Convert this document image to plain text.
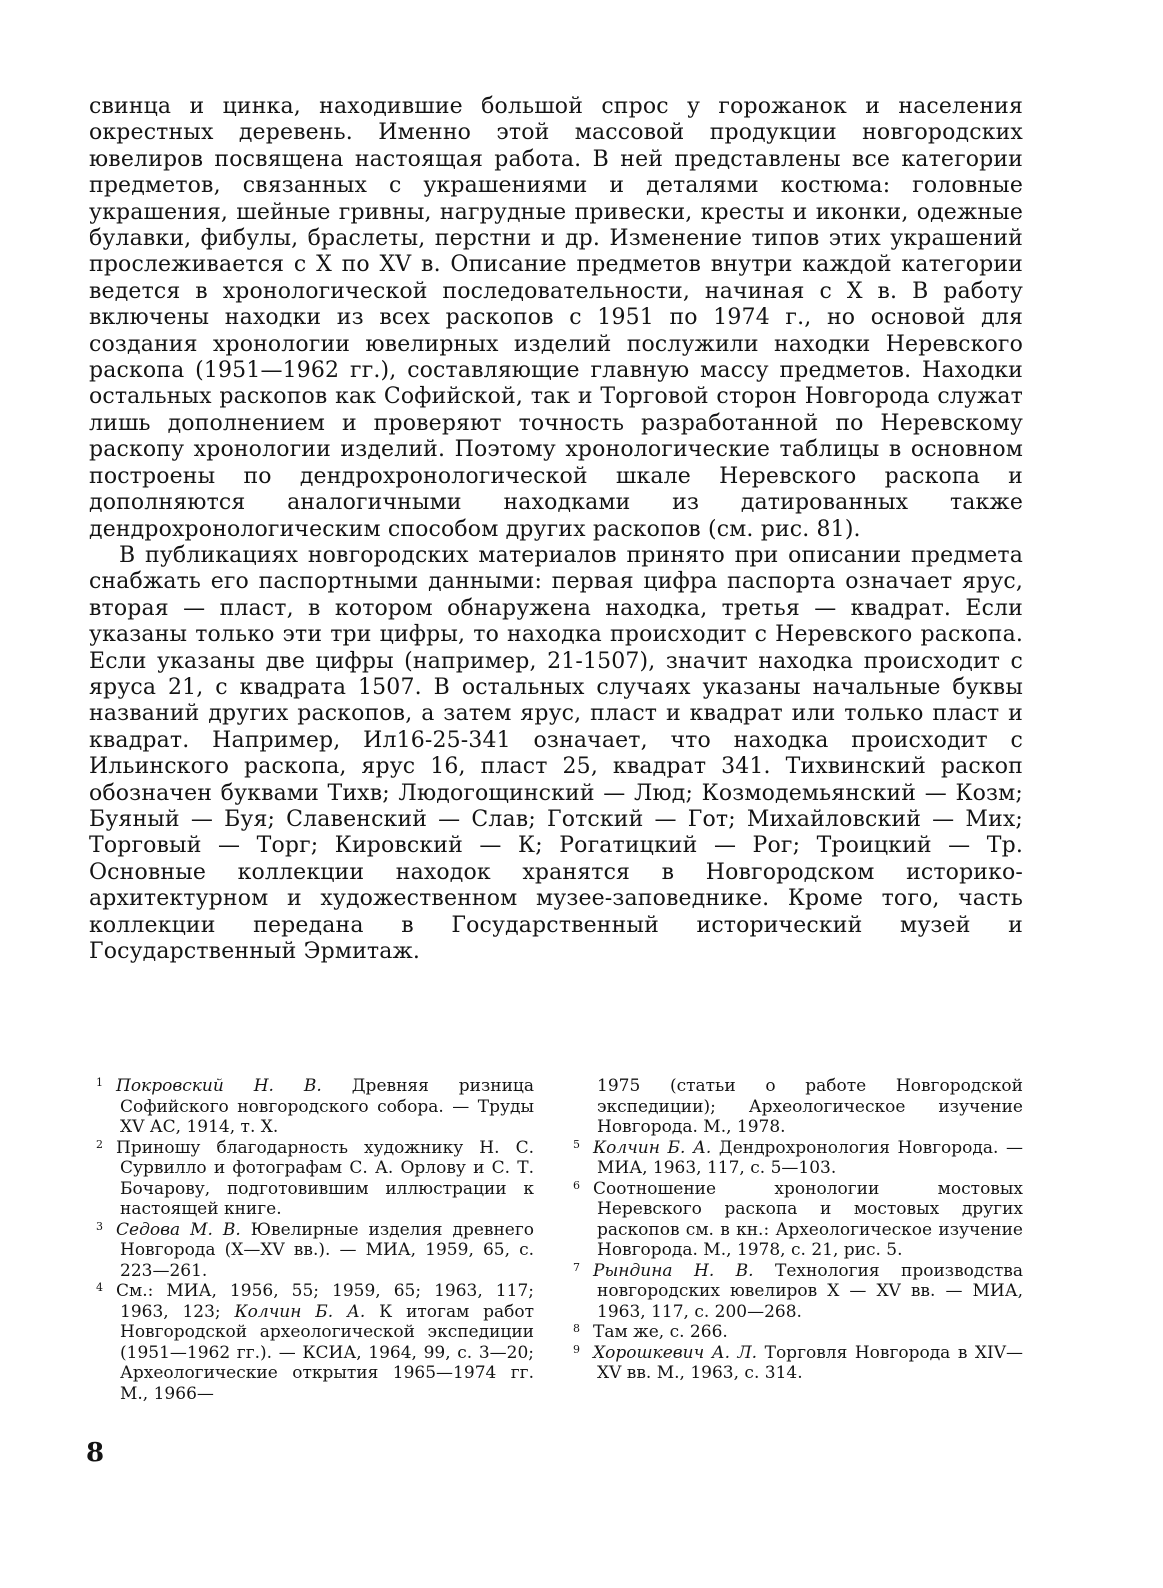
свинца и цинка, находившие большой спрос у горожанок и населения окрестных деревень. Именно этой массовой продукции новгородских ювелиров посвящена настоящая работа. В ней представлены все категории предметов, связанных с украшениями и деталями костюма: головные украшения, шейные гривны, нагрудные привески, кресты и иконки, одежные булавки, фибулы, браслеты, перстни и др. Изменение типов этих украшений прослеживается с X по XV в. Описание предметов внутри каждой категории ведется в хронологической последовательности, начиная с X в. В работу включены находки из всех раскопов с 1951 по 1974 г., но основой для создания хронологии ювелирных изделий послужили находки Неревского раскопа (1951—1962 гг.), составляющие главную массу предметов. Находки остальных раскопов как Софийской, так и Торговой сторон Новгорода служат лишь дополнением и проверяют точность разработанной по Неревскому раскопу хронологии изделий. Поэтому хронологические таблицы в основном построены по дендрохронологической шкале Неревского раскопа и дополняются аналогичными находками из датированных также дендрохронологическим способом других раскопов (см. рис. 81).

В публикациях новгородских материалов принято при описании предмета снабжать его паспортными данными: первая цифра паспорта означает ярус, вторая — пласт, в котором обнаружена находка, третья — квадрат. Если указаны только эти три цифры, то находка происходит с Неревского раскопа. Если указаны две цифры (например, 21-1507), значит находка происходит с яруса 21, с квадрата 1507. В остальных случаях указаны начальные буквы названий других раскопов, а затем ярус, пласт и квадрат или только пласт и квадрат. Например, Ил16-25-341 означает, что находка происходит с Ильинского раскопа, ярус 16, пласт 25, квадрат 341. Тихвинский раскоп обозначен буквами Тихв; Людогощинский — Люд; Козмодемьянский — Козм; Буяный — Буя; Славенский — Слав; Готский — Гот; Михайловский — Мих; Торговый — Торг; Кировский — К; Рогатицкий — Рог; Троицкий — Тр. Основные коллекции находок хранятся в Новгородском историко-архитектурном и художественном музее-заповеднике. Кроме того, часть коллекции передана в Государственный исторический музей и Государственный Эрмитаж.

$^1$ Покровский Н. В. Древняя ризница Софийского новгородского собора. — Труды XV АС, 1914, т. X.

$^2$ Приношу благодарность художнику Н. С. Сурвилло и фотографам С. А. Орлову и С. Т. Бочарову, подготовившим иллюстрации к настоящей книге.

$^3$ Седова М. В. Ювелирные изделия древнего Новгорода (X—XV вв.). — МИА, 1959, 65, с. 223—261.

$^4$ См.: МИА, 1956, 55; 1959, 65; 1963, 117; 1963, 123; Колчин Б. А. К итогам работ Новгородской археологической экспедиции (1951—1962 гг.). — КСИА, 1964, 99, с. 3—20; Археологические открытия 1965—1974 гг. М., 1966—

1975 (статьи о работе Новгородской экспедиции); Археологическое изучение Новгорода. М., 1978.

$^5$ Колчин Б. А. Дендрохронология Новгорода. — МИА, 1963, 117, с. 5—103.

$^6$ Соотношение хронологии мостовых Неревского раскопа и мостовых других раскопов см. в кн.: Археологическое изучение Новгорода. М., 1978, с. 21, рис. 5.

$^7$ Рындина Н. В. Технология производства новгородских ювелиров X — XV вв. — МИА, 1963, 117, с. 200—268.

$^8$ Там же, с. 266.

$^9$ Хорошкевич А. Л. Торговля Новгорода в XIV—XV вв. М., 1963, с. 314.

8
